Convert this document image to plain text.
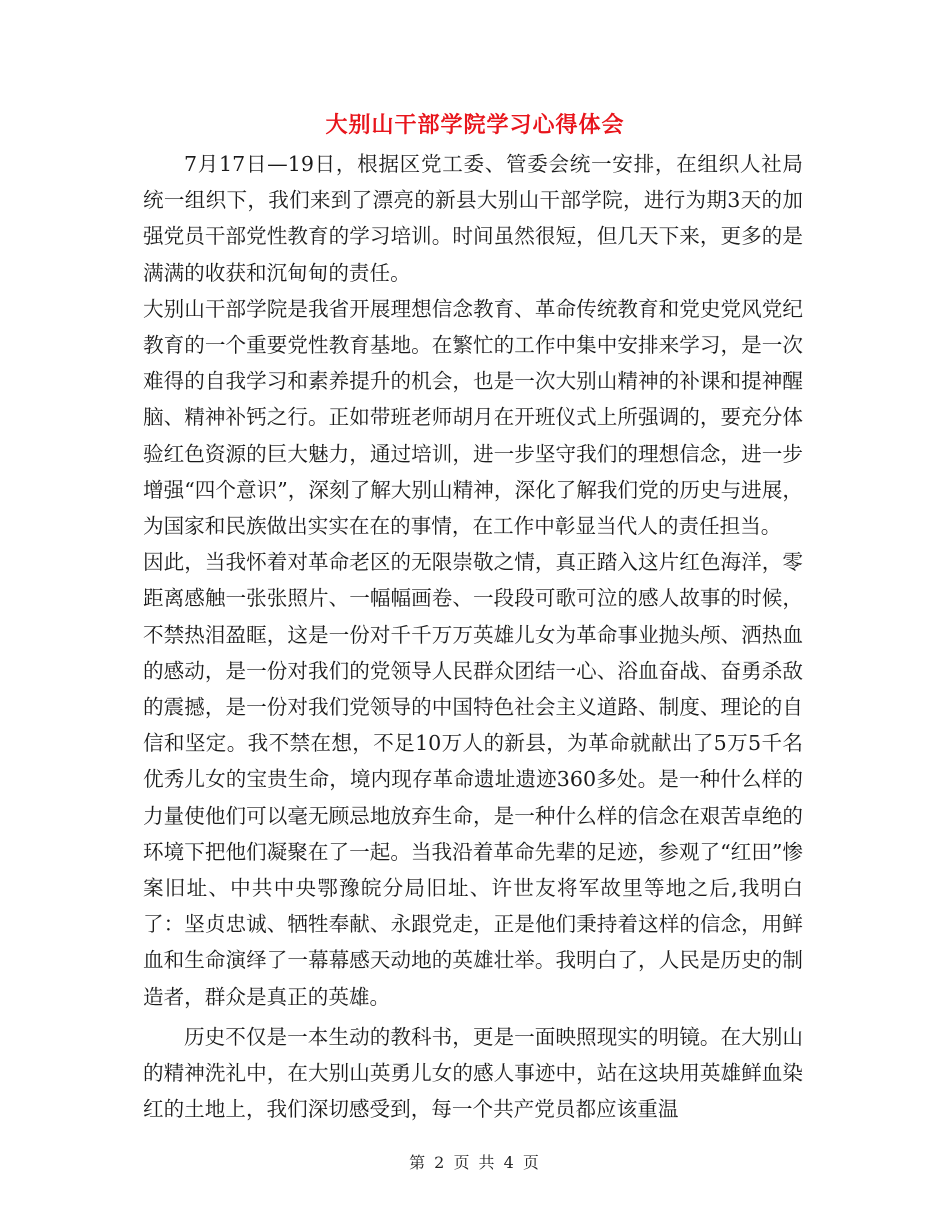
大别山干部学院学习心得体会

7月17日—19日，根据区党工委、管委会统一安排，在组织人社局统一组织下，我们来到了漂亮的新县大别山干部学院，进行为期3天的加强党员干部党性教育的学习培训。时间虽然很短，但几天下来，更多的是满满的收获和沉甸甸的责任。

大别山干部学院是我省开展理想信念教育、革命传统教育和党史党风党纪教育的一个重要党性教育基地。在繁忙的工作中集中安排来学习，是一次难得的自我学习和素养提升的机会，也是一次大别山精神的补课和提神醒脑、精神补钙之行。正如带班老师胡月在开班仪式上所强调的，要充分体验红色资源的巨大魅力，通过培训，进一步坚守我们的理想信念，进一步增强“四个意识”，深刻了解大别山精神，深化了解我们党的历史与进展，为国家和民族做出实实在在的事情，在工作中彰显当代人的责任担当。

因此，当我怀着对革命老区的无限崇敬之情，真正踏入这片红色海洋，零距离感触一张张照片、一幅幅画卷、一段段可歌可泣的感人故事的时候，不禁热泪盈眶，这是一份对千千万万英雄儿女为革命事业抛头颅、洒热血的感动，是一份对我们的党领导人民群众团结一心、浴血奋战、奋勇杀敌的震撼，是一份对我们党领导的中国特色社会主义道路、制度、理论的自信和坚定。我不禁在想，不足10万人的新县，为革命就献出了5万5千名优秀儿女的宝贵生命，境内现存革命遗址遗迹360多处。是一种什么样的力量使他们可以毫无顾忌地放弃生命，是一种什么样的信念在艰苦卓绝的环境下把他们凝聚在了一起。当我沿着革命先辈的足迹，参观了“红田”惨案旧址、中共中央鄂豫皖分局旧址、许世友将军故里等地之后,我明白了：坚贞忠诚、牺牲奉献、永跟党走，正是他们秉持着这样的信念，用鲜血和生命演绎了一幕幕感天动地的英雄壮举。我明白了，人民是历史的制造者，群众是真正的英雄。

历史不仅是一本生动的教科书，更是一面映照现实的明镜。在大别山的精神洗礼中，在大别山英勇儿女的感人事迹中，站在这块用英雄鲜血染红的土地上，我们深切感受到，每一个共产党员都应该重温

第 2 页 共 4 页
